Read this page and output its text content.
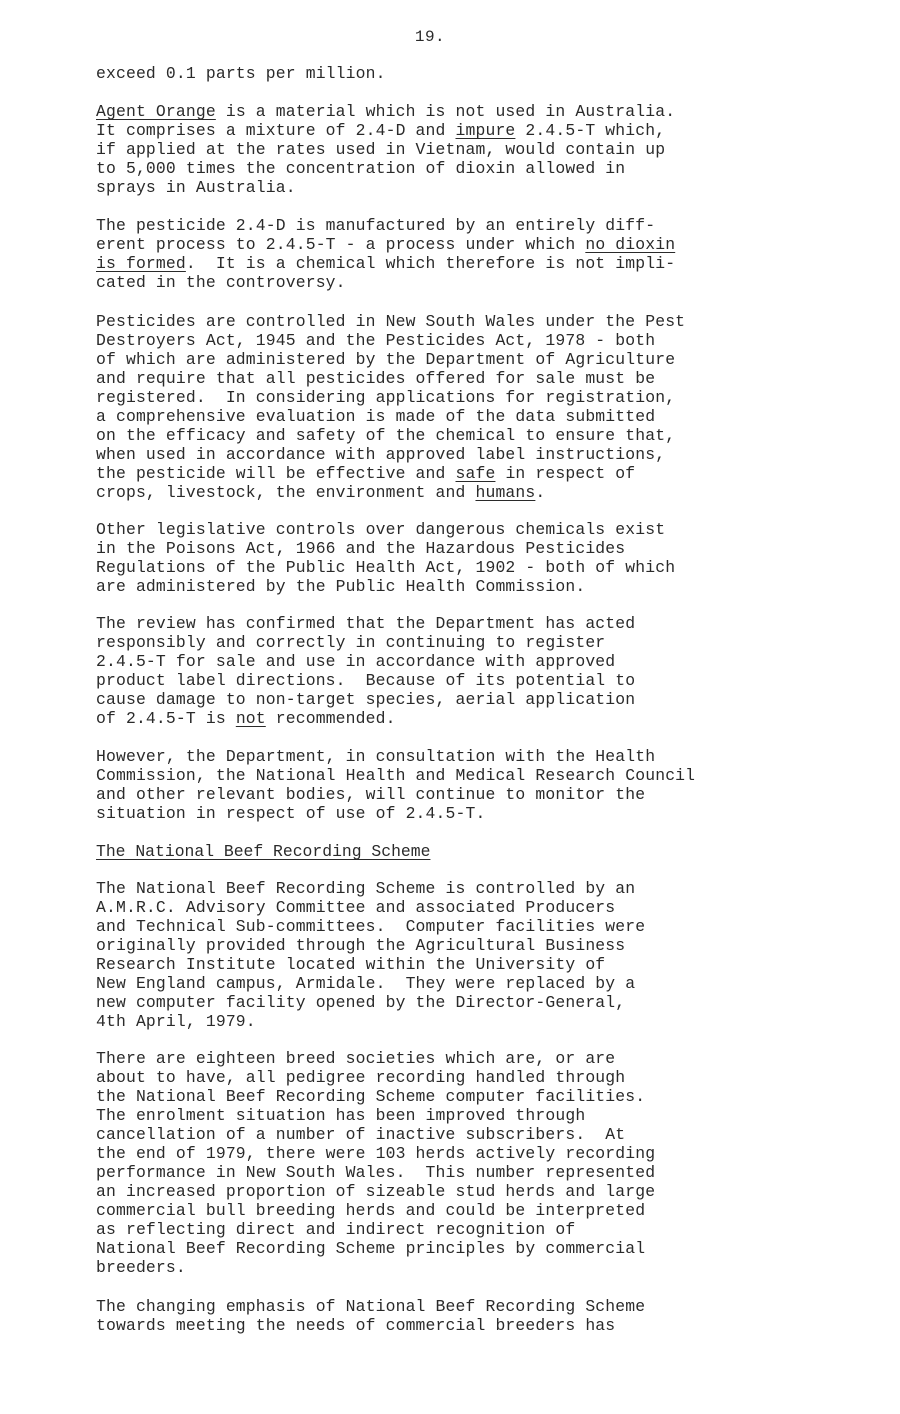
19.
exceed 0.1 parts per million.
Agent Orange is a material which is not used in Australia.
It comprises a mixture of 2.4-D and impure 2.4.5-T which,
if applied at the rates used in Vietnam, would contain up
to 5,000 times the concentration of dioxin allowed in
sprays in Australia.
The pesticide 2.4-D is manufactured by an entirely diff-
erent process to 2.4.5-T - a process under which no dioxin
is formed.  It is a chemical which therefore is not impli-
cated in the controversy.
Pesticides are controlled in New South Wales under the Pest
Destroyers Act, 1945 and the Pesticides Act, 1978 - both
of which are administered by the Department of Agriculture
and require that all pesticides offered for sale must be
registered.  In considering applications for registration,
a comprehensive evaluation is made of the data submitted
on the efficacy and safety of the chemical to ensure that,
when used in accordance with approved label instructions,
the pesticide will be effective and safe in respect of
crops, livestock, the environment and humans.
Other legislative controls over dangerous chemicals exist
in the Poisons Act, 1966 and the Hazardous Pesticides
Regulations of the Public Health Act, 1902 - both of which
are administered by the Public Health Commission.
The review has confirmed that the Department has acted
responsibly and correctly in continuing to register
2.4.5-T for sale and use in accordance with approved
product label directions.  Because of its potential to
cause damage to non-target species, aerial application
of 2.4.5-T is not recommended.
However, the Department, in consultation with the Health
Commission, the National Health and Medical Research Council
and other relevant bodies, will continue to monitor the
situation in respect of use of 2.4.5-T.
The National Beef Recording Scheme
The National Beef Recording Scheme is controlled by an
A.M.R.C. Advisory Committee and associated Producers
and Technical Sub-committees.  Computer facilities were
originally provided through the Agricultural Business
Research Institute located within the University of
New England campus, Armidale.  They were replaced by a
new computer facility opened by the Director-General,
4th April, 1979.
There are eighteen breed societies which are, or are
about to have, all pedigree recording handled through
the National Beef Recording Scheme computer facilities.
The enrolment situation has been improved through
cancellation of a number of inactive subscribers.  At
the end of 1979, there were 103 herds actively recording
performance in New South Wales.  This number represented
an increased proportion of sizeable stud herds and large
commercial bull breeding herds and could be interpreted
as reflecting direct and indirect recognition of
National Beef Recording Scheme principles by commercial
breeders.
The changing emphasis of National Beef Recording Scheme
towards meeting the needs of commercial breeders has
